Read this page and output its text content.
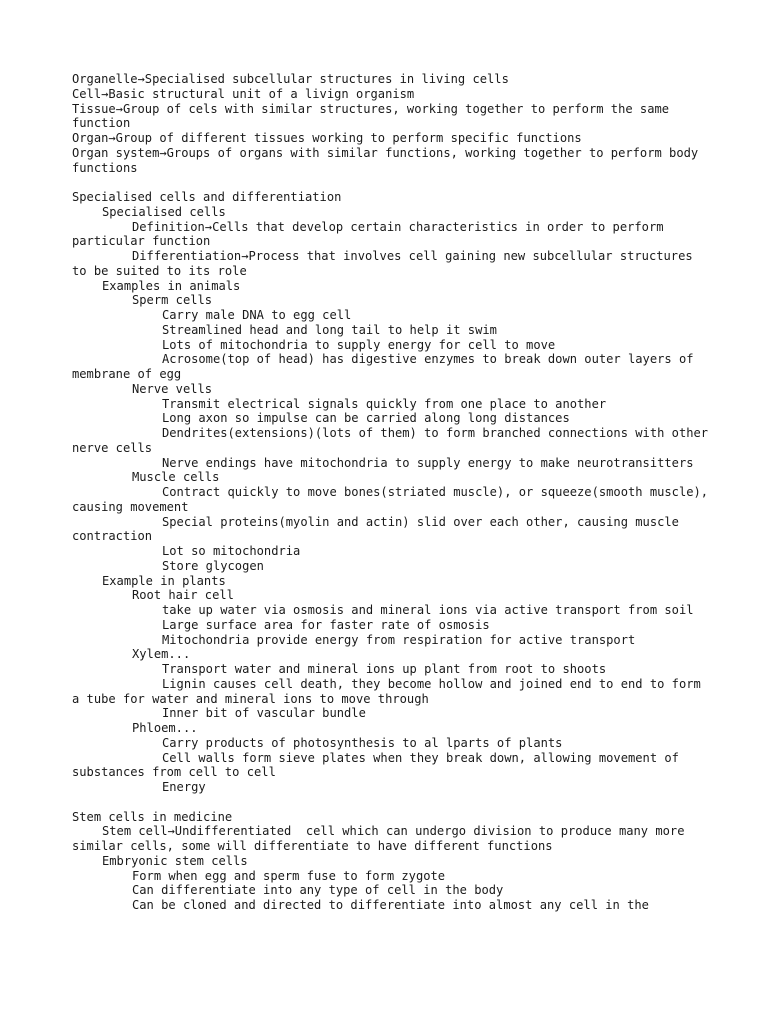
Organelle→Specialised subcellular structures in living cells

Cell→Basic structural unit of a livign organism

Tissue→Group of cels with similar structures, working together to perform the same function

Organ→Group of different tissues working to perform specific functions

Organ system→Groups of organs with similar functions, working together to perform body functions

Specialised cells and differentiation

Specialised cells

Definition→Cells that develop certain characteristics in order to perform particular function

Differentiation→Process that involves cell gaining new subcellular structures to be suited to its role

Examples in animals

Sperm cells

Carry male DNA to egg cell

Streamlined head and long tail to help it swim

Lots of mitochondria to supply energy for cell to move

Acrosome(top of head) has digestive enzymes to break down outer layers of membrane of egg

Nerve vells

Transmit electrical signals quickly from one place to another

Long axon so impulse can be carried along long distances

Dendrites(extensions)(lots of them) to form branched connections with other nerve cells

Nerve endings have mitochondria to supply energy to make neurotransitters

Muscle cells

Contract quickly to move bones(striated muscle), or squeeze(smooth muscle), causing movement

Special proteins(myolin and actin) slid over each other, causing muscle contraction

Lot so mitochondria

Store glycogen

Example in plants

Root hair cell

take up water via osmosis and mineral ions via active transport from soil

Large surface area for faster rate of osmosis

Mitochondria provide energy from respiration for active transport

Xylem...

Transport water and mineral ions up plant from root to shoots

Lignin causes cell death, they become hollow and joined end to end to form a tube for water and mineral ions to move through

Inner bit of vascular bundle

Phloem...

Carry products of photosynthesis to al lparts of plants

Cell walls form sieve plates when they break down, allowing movement of substances from cell to cell

Energy

Stem cells in medicine

Stem cell→Undifferentiated  cell which can undergo division to produce many more similar cells, some will differentiate to have different functions

Embryonic stem cells

Form when egg and sperm fuse to form zygote

Can differentiate into any type of cell in the body

Can be cloned and directed to differentiate into almost any cell in the
